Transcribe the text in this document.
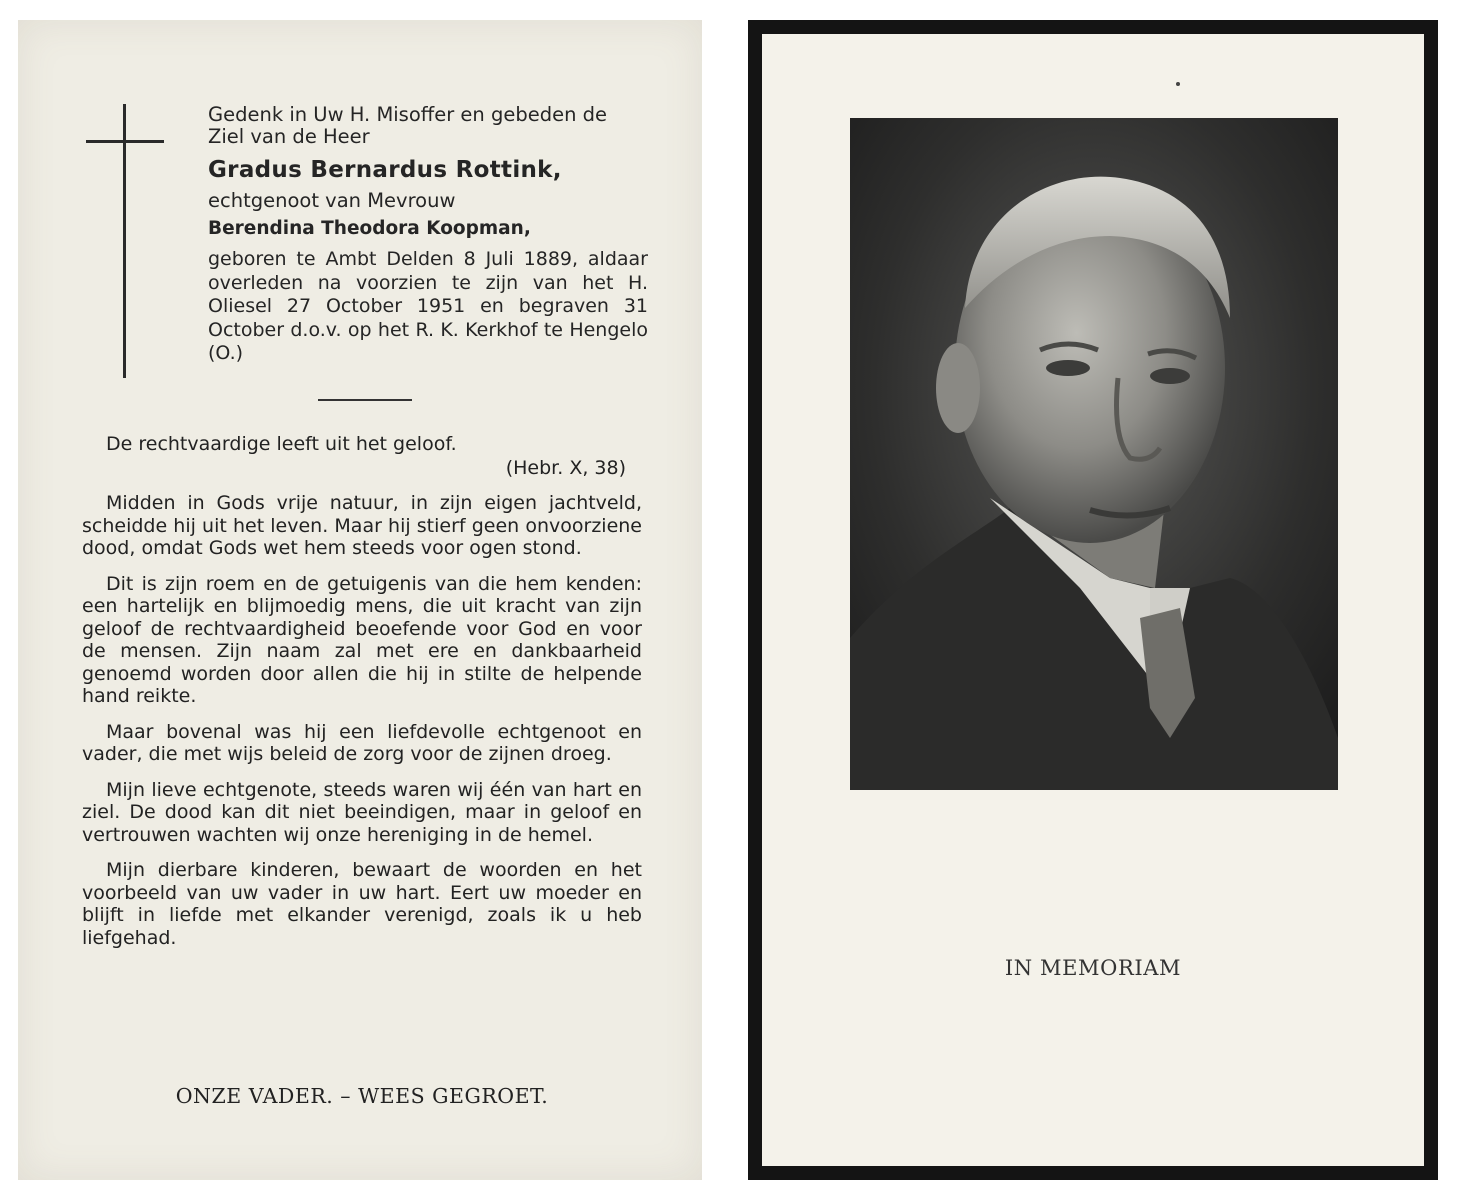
Gedenk in Uw H. Misoffer en gebeden de Ziel van de Heer

Gradus Bernardus Rottink,

echtgenoot van Mevrouw

Berendina Theodora Koopman,

geboren te Ambt Delden 8 Juli 1889, aldaar overleden na voorzien te zijn van het H. Oliesel 27 October 1951 en begraven 31 October d.o.v. op het R. K. Kerkhof te Hengelo (O.)

De rechtvaardige leeft uit het geloof.

(Hebr. X, 38)

Midden in Gods vrije natuur, in zijn eigen jachtveld, scheidde hij uit het leven. Maar hij stierf geen onvoorziene dood, omdat Gods wet hem steeds voor ogen stond.

Dit is zijn roem en de getuigenis van die hem kenden: een hartelijk en blijmoedig mens, die uit kracht van zijn geloof de rechtvaardigheid beoefende voor God en voor de mensen. Zijn naam zal met ere en dankbaarheid genoemd worden door allen die hij in stilte de helpende hand reikte.

Maar bovenal was hij een liefdevolle echtgenoot en vader, die met wijs beleid de zorg voor de zijnen droeg.

Mijn lieve echtgenote, steeds waren wij één van hart en ziel. De dood kan dit niet beeindigen, maar in geloof en vertrouwen wachten wij onze hereniging in de hemel.

Mijn dierbare kinderen, bewaart de woorden en het voorbeeld van uw vader in uw hart. Eert uw moeder en blijft in liefde met elkander verenigd, zoals ik u heb liefgehad.

ONZE VADER. – WEES GEGROET.
IN MEMORIAM
